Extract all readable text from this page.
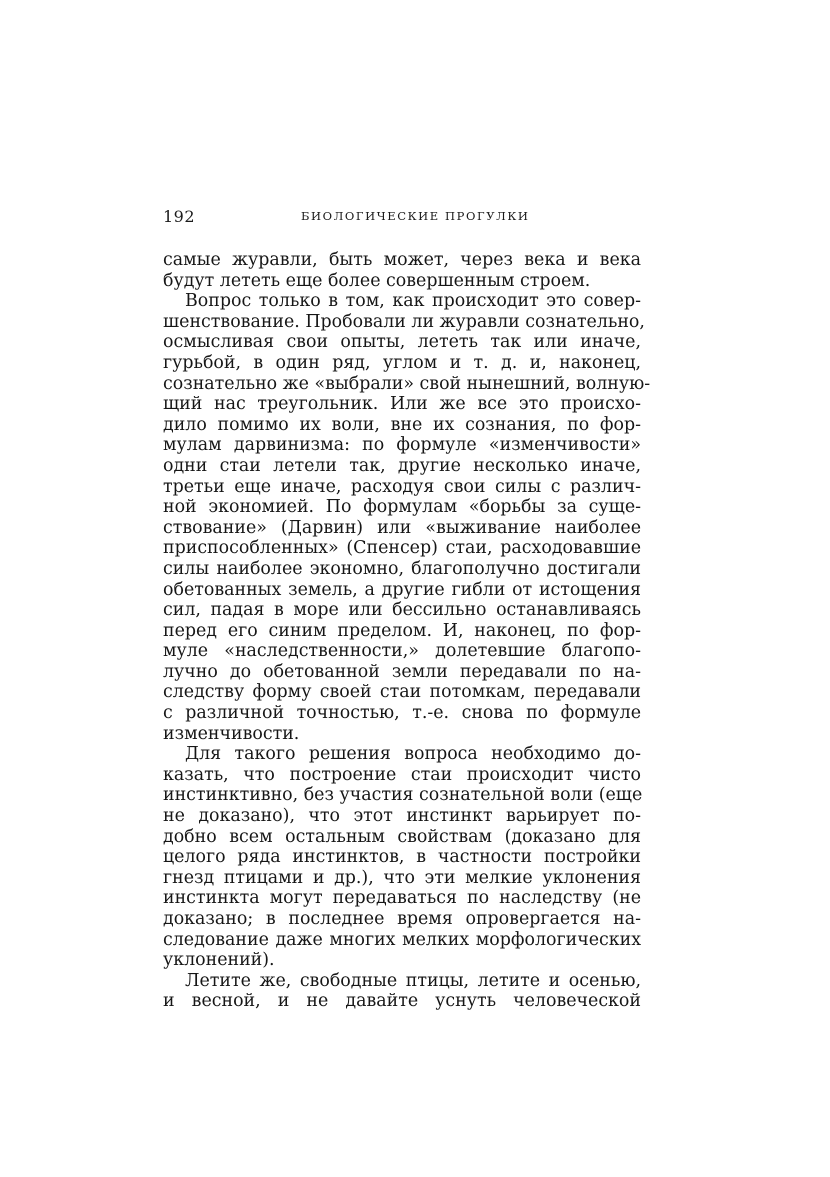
192	БИОЛОГИЧЕСКИЕ ПРОГУЛКИ
самые журавли, быть может, через века и века
будут лететь еще более совершенным строем.
Вопрос только в том, как происходит это совер-
шенствование. Пробовали ли журавли сознательно,
осмысливая свои опыты, лететь так или иначе,
гурьбой, в один ряд, углом и т. д. и, наконец,
сознательно же «выбрали» свой нынешний, волную-
щий нас треугольник. Или же все это происхо-
дило помимо их воли, вне их сознания, по фор-
мулам дарвинизма: по формуле «изменчивости»
одни стаи летели так, другие несколько иначе,
третьи еще иначе, расходуя свои силы с различ-
ной экономией. По формулам «борьбы за суще-
ствование» (Дарвин) или «выживание наиболее
приспособленных» (Спенсер) стаи, расходовавшие
силы наиболее экономно, благополучно достигали
обетованных земель, а другие гибли от истощения
сил, падая в море или бессильно останавливаясь
перед его синим пределом. И, наконец, по фор-
муле «наследственности,» долетевшие благопо-
лучно до обетованной земли передавали по на-
следству форму своей стаи потомкам, передавали
с различной точностью, т.-е. снова по формуле
изменчивости.
Для такого решения вопроса необходимо до-
казать, что построение стаи происходит чисто
инстинктивно, без участия сознательной воли (еще
не доказано), что этот инстинкт варьирует по-
добно всем остальным свойствам (доказано для
целого ряда инстинктов, в частности постройки
гнезд птицами и др.), что эти мелкие уклонения
инстинкта могут передаваться по наследству (не
доказано; в последнее время опровергается на-
следование даже многих мелких морфологических
уклонений).
Летите же, свободные птицы, летите и осенью,
и весной, и не давайте уснуть человеческой
